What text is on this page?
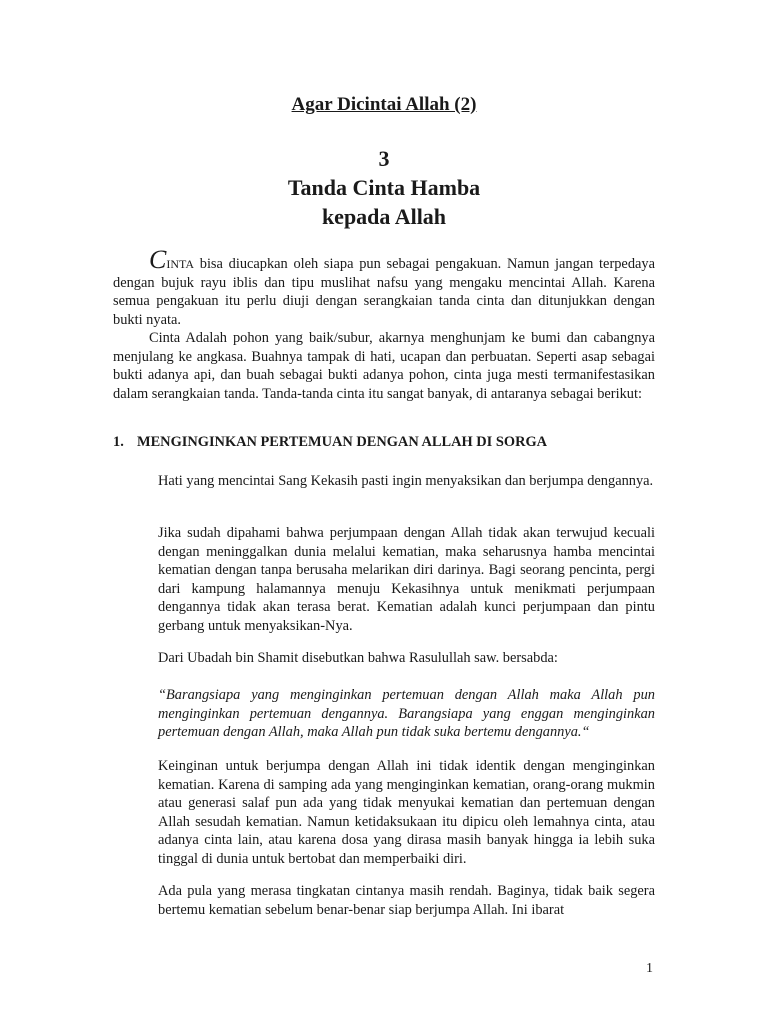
Agar Dicintai Allah (2)
3
Tanda Cinta Hamba
kepada Allah

CINTA bisa diucapkan oleh siapa pun sebagai pengakuan. Namun jangan terpedaya dengan bujuk rayu iblis dan tipu muslihat nafsu yang mengaku mencintai Allah. Karena semua pengakuan itu perlu diuji dengan serangkaian tanda cinta dan ditunjukkan dengan bukti nyata.

Cinta Adalah pohon yang baik/subur, akarnya menghunjam ke bumi dan cabangnya menjulang ke angkasa. Buahnya tampak di hati, ucapan dan perbuatan. Seperti asap sebagai bukti adanya api, dan buah sebagai bukti adanya pohon, cinta juga mesti termanifestasikan dalam serangkaian tanda. Tanda-tanda cinta itu sangat banyak, di antaranya sebagai berikut:

1. MENGINGINKAN PERTEMUAN DENGAN ALLAH DI SORGA

Hati yang mencintai Sang Kekasih pasti ingin menyaksikan dan berjumpa dengannya.

Jika sudah dipahami bahwa perjumpaan dengan Allah tidak akan terwujud kecuali dengan meninggalkan dunia melalui kematian, maka seharusnya hamba mencintai kematian dengan tanpa berusaha melarikan diri darinya. Bagi seorang pencinta, pergi dari kampung halamannya menuju Kekasihnya untuk menikmati perjumpaan dengannya tidak akan terasa berat. Kematian adalah kunci perjumpaan dan pintu gerbang untuk menyaksikan-Nya.

Dari Ubadah bin Shamit disebutkan bahwa Rasulullah saw. bersabda:

“Barangsiapa yang menginginkan pertemuan dengan Allah maka Allah pun menginginkan pertemuan dengannya. Barangsiapa yang enggan menginginkan pertemuan dengan Allah, maka Allah pun tidak suka bertemu dengannya.“

Keinginan untuk berjumpa dengan Allah ini tidak identik dengan menginginkan kematian. Karena di samping ada yang menginginkan kematian, orang-orang mukmin atau generasi salaf pun ada yang tidak menyukai kematian dan pertemuan dengan Allah sesudah kematian. Namun ketidaksukaan itu dipicu oleh lemahnya cinta, atau adanya cinta lain, atau karena dosa yang dirasa masih banyak hingga ia lebih suka tinggal di dunia untuk bertobat dan memperbaiki diri.

Ada pula yang merasa tingkatan cintanya masih rendah. Baginya, tidak baik segera bertemu kematian sebelum benar-benar siap berjumpa Allah. Ini ibarat

1
